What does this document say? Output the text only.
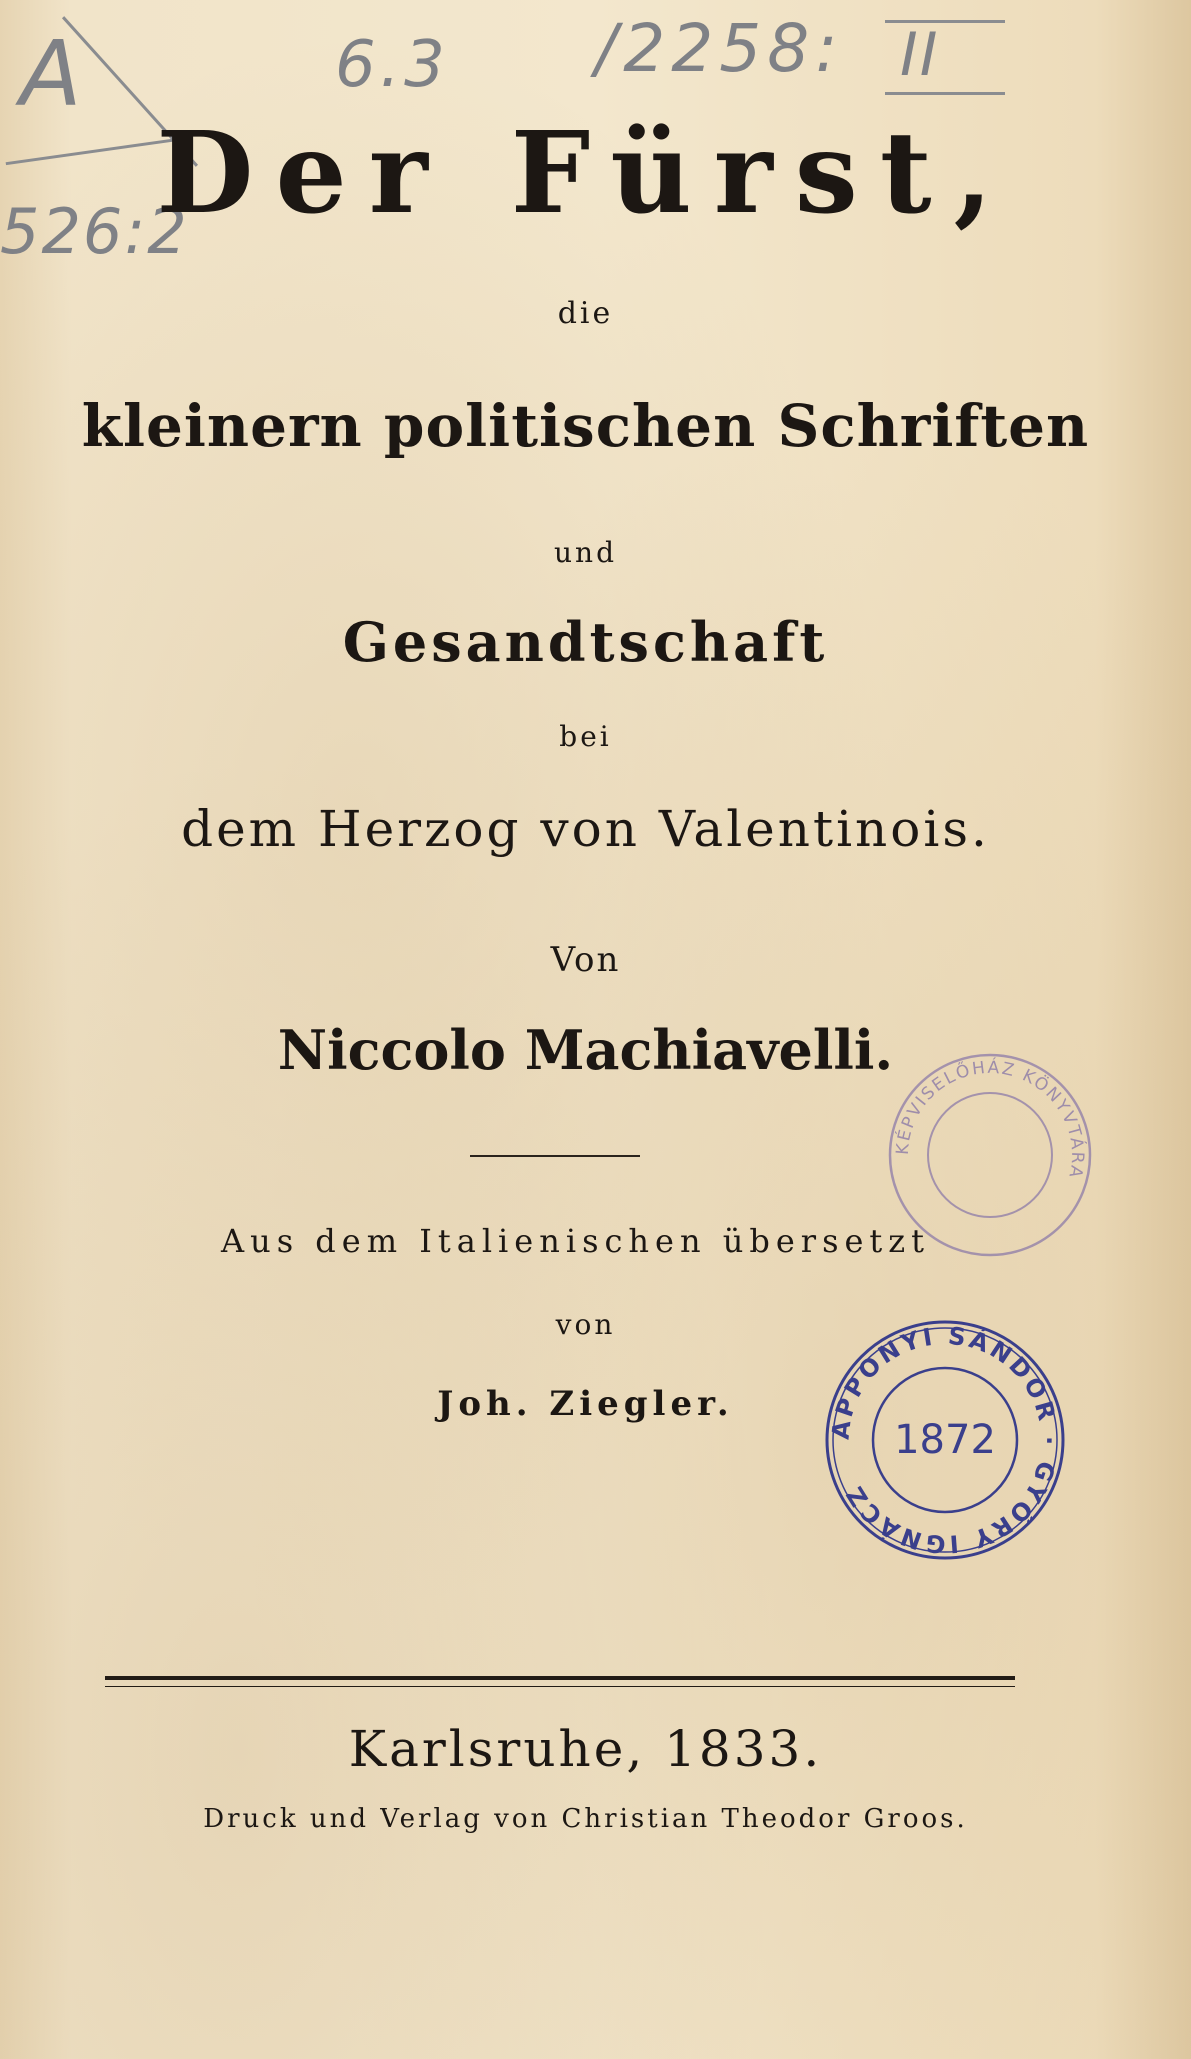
A
526:2
6.3 /2258: II
Der Fürst,
die
kleinern politischen Schriften
und
Gesandtschaft
bei
dem Herzog von Valentinois.
Von
Niccolo Machiavelli.
Aus dem Italienischen übersetzt
von
Joh. Ziegler.
Karlsruhe, 1833.
Druck und Verlag von Christian Theodor Groos.
KÉPVISELŐHÁZ KÖNYVTÁRA
APPONYI SÁNDOR · GYŐRY IGNÁCZ
1872
